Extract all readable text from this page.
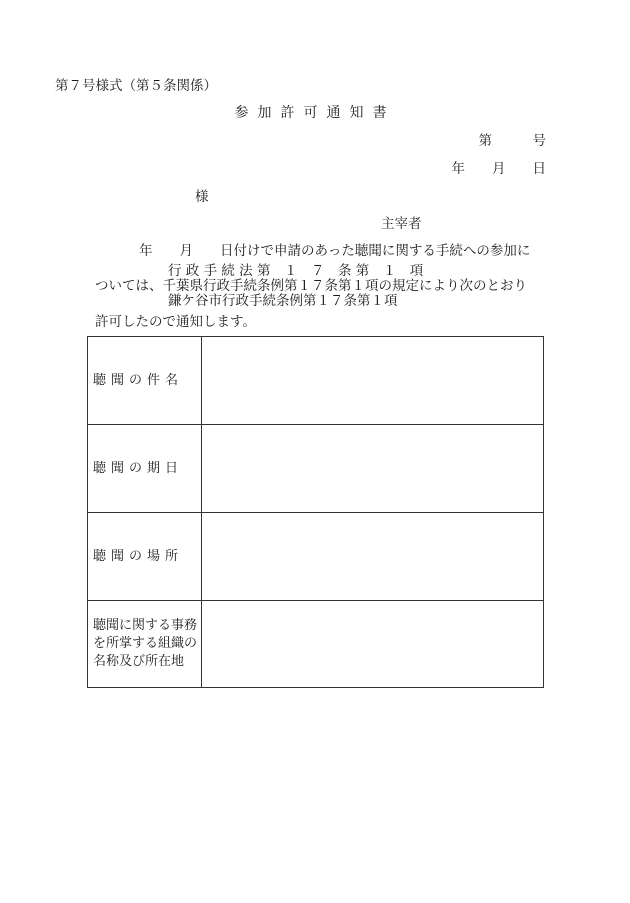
第７号様式（第５条関係）
参加許可通知書
第　　　号
年　　月　　日
様
主宰者
年　　月　　日付けで申請のあった聴聞に関する手続への参加に
行 政 手 続 法 第　１　７　条 第　１　項
ついては、千葉県行政手続条例第１７条第１項の規定により次のとおり
鎌ケ谷市行政手続条例第１７条第１項
許可したので通知します。
聴聞の件名	
聴聞の期日	
聴聞の場所	
聴聞に関する事務を所掌する組織の名称及び所在地	
